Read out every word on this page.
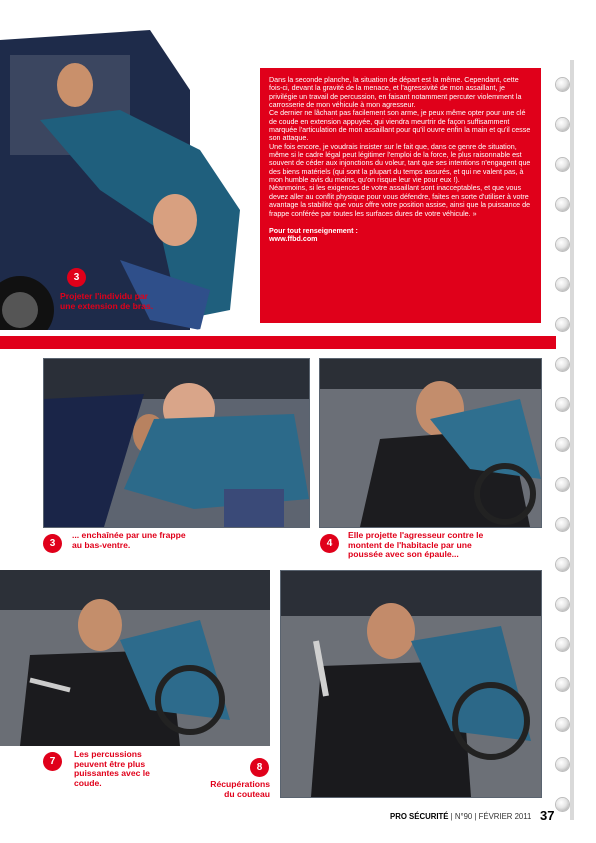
Dans la seconde planche, la situation de départ est la même. Cependant, cette fois-ci, devant la gravité de la menace, et l'agressivité de mon assaillant, je privilégie un travail de percussion, en faisant notamment percuter violemment la carrosserie de mon véhicule à mon agresseur.

Ce dernier ne lâchant pas facilement son arme, je peux même opter pour une clé de coude en extension appuyée, qui viendra meurtrir de façon suffisamment marquée l'articulation de mon assaillant pour qu'il ouvre enfin la main et qu'il cesse son attaque.

Une fois encore, je voudrais insister sur le fait que, dans ce genre de situation, même si le cadre légal peut légitimer l'emploi de la force, le plus raisonnable est souvent de céder aux injonctions du voleur, tant que ses intentions n'engagent que des biens matériels (qui sont la plupart du temps assurés, et qui ne valent pas, à mon humble avis du moins, qu'on risque leur vie pour eux !).

Néanmoins, si les exigences de votre assaillant sont inacceptables, et que vous devez aller au conflit physique pour vous défendre, faites en sorte d'utiliser à votre avantage la stabilité que vous offre votre position assise, ainsi que la puissance de frappe conférée par toutes les surfaces dures de votre véhicule. »

Pour tout renseignement :

www.ffbd.com

3
Projeter l'individu par une extension de bras.
3
... enchaînée par une frappe au bas-ventre.	4
Elle projette l'agresseur contre le montent de l'habitacle par une poussée avec son épaule...
7
Les percussions peuvent être plus puissantes avec le coude.
8
Récupérations du couteau
PRO SÉCURITÉ | N°90 | FÉVRIER 2011 37
